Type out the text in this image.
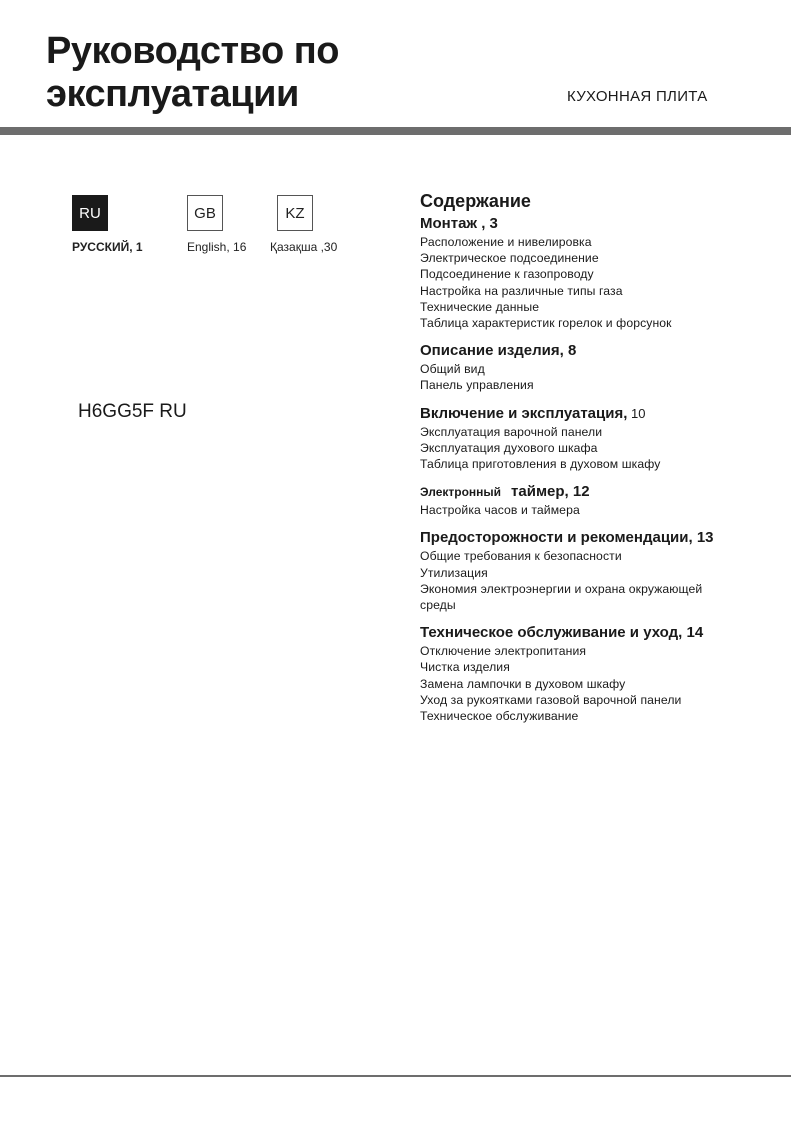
Руководство по
эксплуатации	КУХОННАЯ ПЛИТА
RU	GB	KZ
РУССКИЙ, 1	English, 16 Қазақша ,30
H6GG5F RU
Содержание
Монтаж , 3
Расположение и нивелировка
Электрическое подсоединение
Подсоединение к газопроводу
Настройка на различные типы газа
Технические данные
Таблица характеристик горелок и форсунок
Описание изделия, 8
Общий вид
Панель управления
Включение и эксплуатация, 10
Эксплуатация варочной панели
Эксплуатация духового шкафа
Таблица приготовления в духовом шкафу
Электронный таймер, 12
Настройка часов и таймера
Предосторожности и рекомендации, 13
Общие требования к безопасности
Утилизация
Экономия электроэнергии и охрана окружающей
среды
Техническое обслуживание и уход, 14
Отключение электропитания
Чистка изделия
Замена лампочки в духовом шкафу
Уход за рукоятками газовой варочной панели
Техническое обслуживание
